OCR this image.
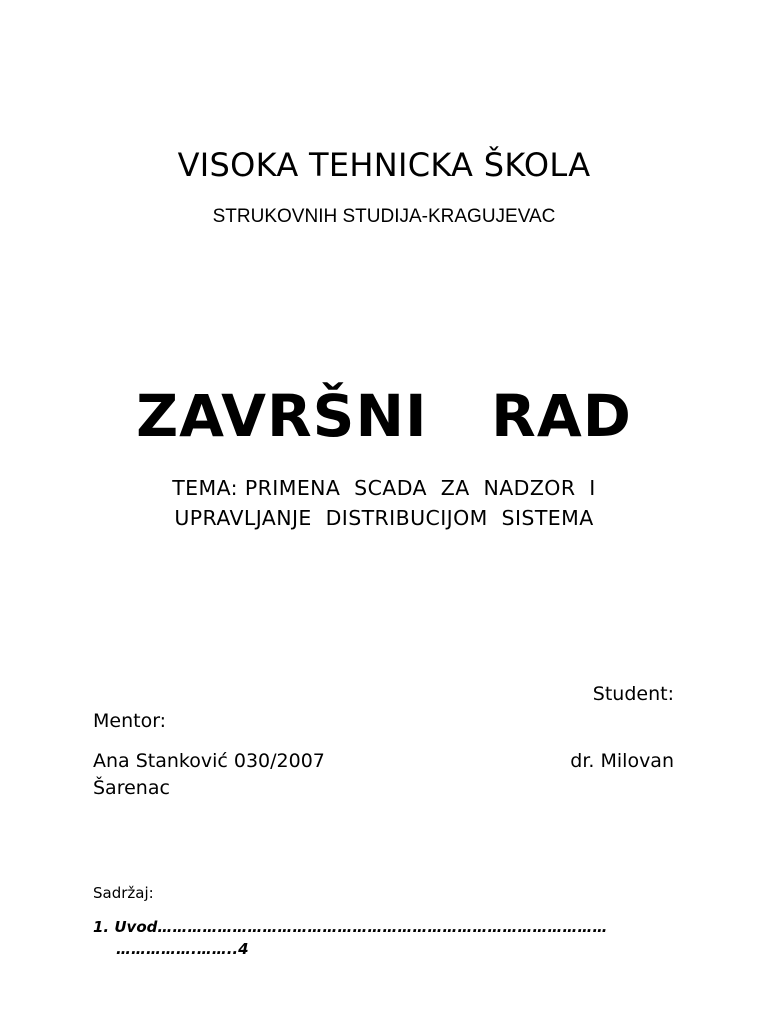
VISOKA TEHNICKA ŠKOLA
STRUKOVNIH STUDIJA-KRAGUJEVAC
ZAVRŠNI   RAD
TEMA: PRIMENA  SCADA  ZA  NADZOR  I
UPRAVLJANJE  DISTRIBUCIJOM  SISTEMA
Student:
Mentor:
Ana Stanković 030/2007	dr. Milovan
Šarenac
Sadržaj:
1. Uvod………………………………………………………………………………
…………….……..4
